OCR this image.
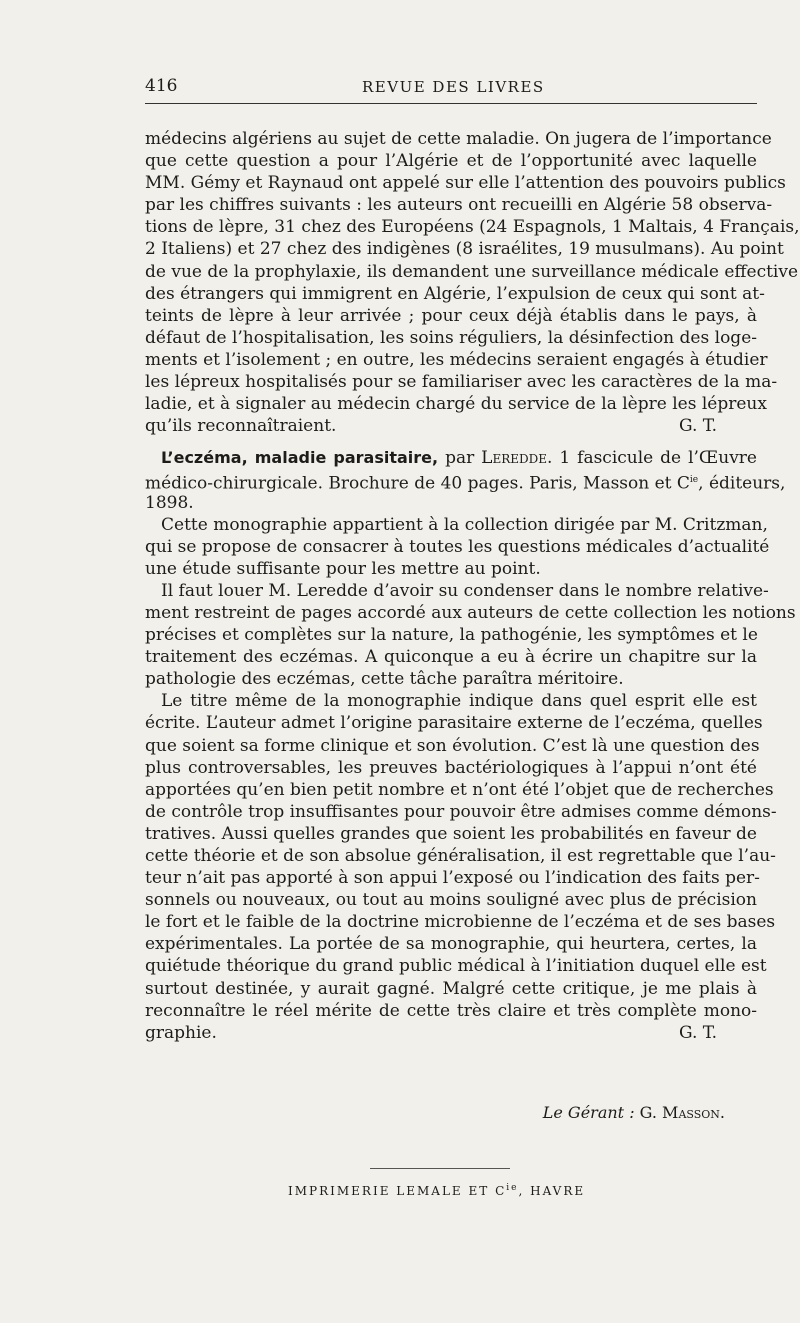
416	REVUE DES LIVRES
médecins algériens au sujet de cette maladie. On jugera de l’importance
que cette question a pour l’Algérie et de l’opportunité avec laquelle
MM. Gémy et Raynaud ont appelé sur elle l’attention des pouvoirs publics
par les chiffres suivants : les auteurs ont recueilli en Algérie 58 observa-
tions de lèpre, 31 chez des Européens (24 Espagnols, 1 Maltais, 4 Français,
2 Italiens) et 27 chez des indigènes (8 israélites, 19 musulmans). Au point
de vue de la prophylaxie, ils demandent une surveillance médicale effective
des étrangers qui immigrent en Algérie, l’expulsion de ceux qui sont at-
teints de lèpre à leur arrivée ; pour ceux déjà établis dans le pays, à
défaut de l’hospitalisation, les soins réguliers, la désinfection des loge-
ments et l’isolement ; en outre, les médecins seraient engagés à étudier
les lépreux hospitalisés pour se familiariser avec les caractères de la ma-
ladie, et à signaler au médecin chargé du service de la lèpre les lépreux
qu’ils reconnaîtraient.	G. T.
L’eczéma, maladie parasitaire, par Leredde. 1 fascicule de l’Œuvre
médico-chirurgicale. Brochure de 40 pages. Paris, Masson et $C^{ie}$, éditeurs,
1898.
Cette monographie appartient à la collection dirigée par M. Critzman,
qui se propose de consacrer à toutes les questions médicales d’actualité
une étude suffisante pour les mettre au point.
Il faut louer M. Leredde d’avoir su condenser dans le nombre relative-
ment restreint de pages accordé aux auteurs de cette collection les notions
précises et complètes sur la nature, la pathogénie, les symptômes et le
traitement des eczémas. A quiconque a eu à écrire un chapitre sur la
pathologie des eczémas, cette tâche paraîtra méritoire.
Le titre même de la monographie indique dans quel esprit elle est
écrite. L’auteur admet l’origine parasitaire externe de l’eczéma, quelles
que soient sa forme clinique et son évolution. C’est là une question des
plus controversables, les preuves bactériologiques à l’appui n’ont été
apportées qu’en bien petit nombre et n’ont été l’objet que de recherches
de contrôle trop insuffisantes pour pouvoir être admises comme démons-
tratives. Aussi quelles grandes que soient les probabilités en faveur de
cette théorie et de son absolue généralisation, il est regrettable que l’au-
teur n’ait pas apporté à son appui l’exposé ou l’indication des faits per-
sonnels ou nouveaux, ou tout au moins souligné avec plus de précision
le fort et le faible de la doctrine microbienne de l’eczéma et de ses bases
expérimentales. La portée de sa monographie, qui heurtera, certes, la
quiétude théorique du grand public médical à l’initiation duquel elle est
surtout destinée, y aurait gagné. Malgré cette critique, je me plais à
reconnaître le réel mérite de cette très claire et très complète mono-
graphie.	G. T.
Le Gérant : G. Masson.
IMPRIMERIE LEMALE ET $C^{ie}$, HAVRE
